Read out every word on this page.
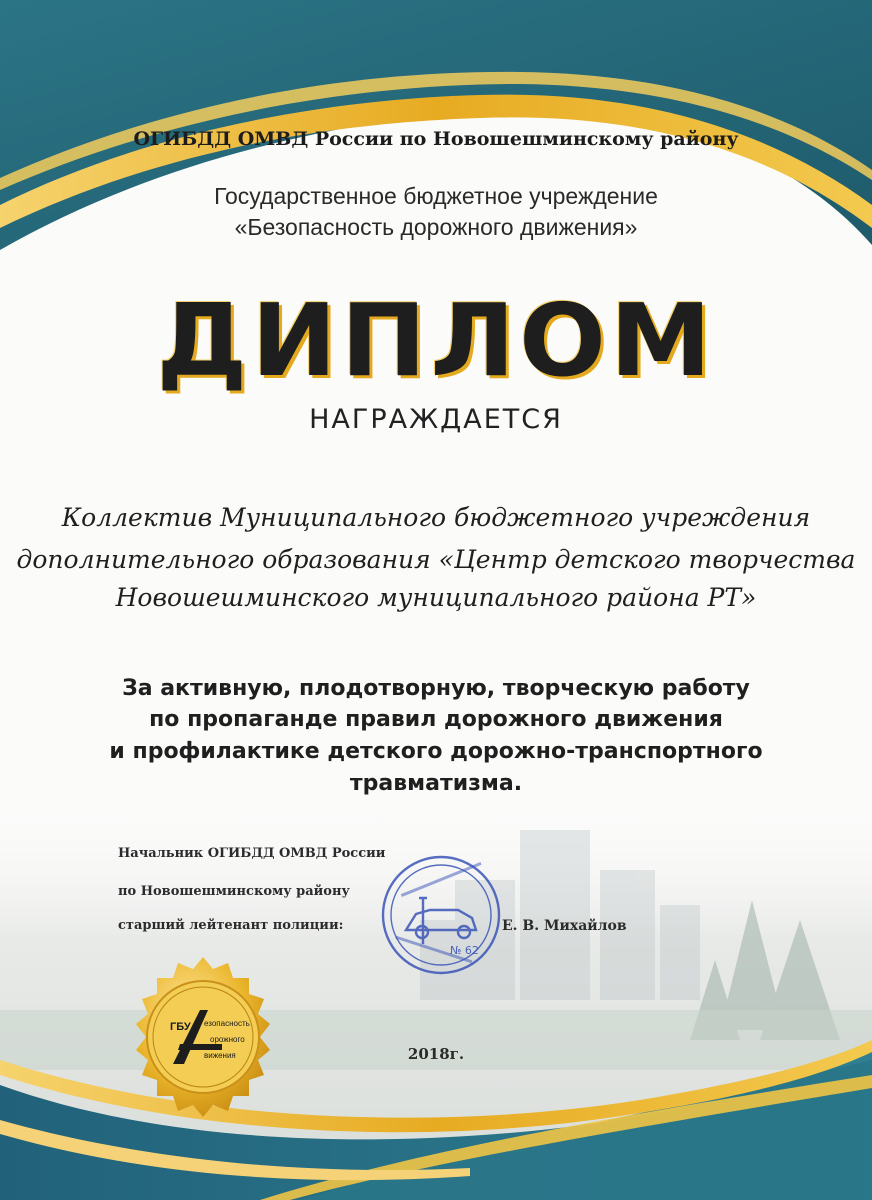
ОГИБДД ОМВД России по Новошешминскому району
Государственное бюджетное учреждение
«Безопасность дорожного движения»
ДИПЛОМ
НАГРАЖДАЕТСЯ
Коллектив Муниципального бюджетного учреждения
дополнительного образования «Центр детского творчества
Новошешминского муниципального района РТ»
За активную, плодотворную, творческую работу
по пропаганде правил дорожного движения
и профилактике детского дорожно-транспортного
травматизма.
Начальник ОГИБДД ОМВД России
по Новошешминскому району
старший лейтенант полиции:	Е. В. Михайлов
№ 62
2018г.
ГБУ езопасность
орожного
вижения
